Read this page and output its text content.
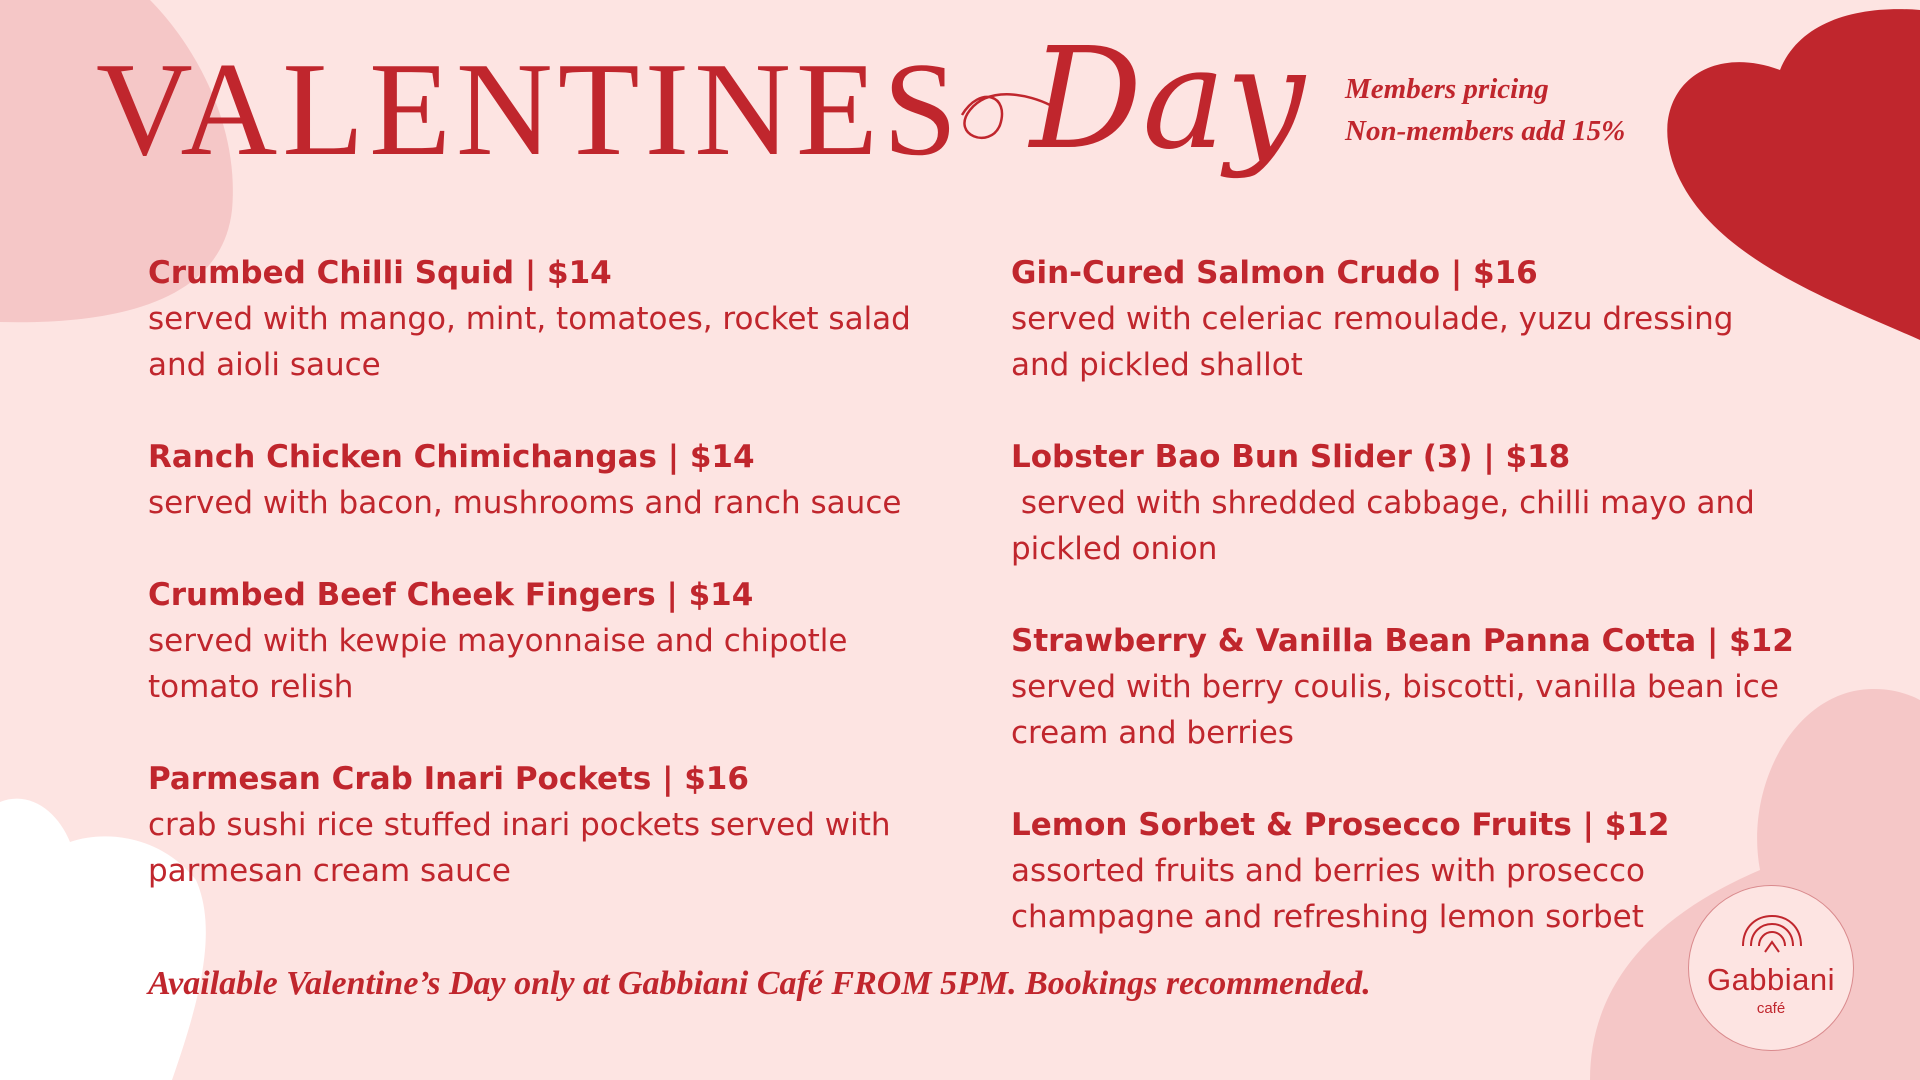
VALENTINES Day Members pricing
Non-members add 15%
Crumbed Chilli Squid | $14
served with mango, mint, tomatoes, rocket salad
and aioli sauce
Ranch Chicken Chimichangas | $14
served with bacon, mushrooms and ranch sauce
Crumbed Beef Cheek Fingers | $14
served with kewpie mayonnaise and chipotle
tomato relish
Parmesan Crab Inari Pockets | $16
crab sushi rice stuffed inari pockets served with
parmesan cream sauce
Gin-Cured Salmon Crudo | $16
served with celeriac remoulade, yuzu dressing
and pickled shallot
Lobster Bao Bun Slider (3) | $18
served with shredded cabbage, chilli mayo and
pickled onion
Strawberry & Vanilla Bean Panna Cotta | $12
served with berry coulis, biscotti, vanilla bean ice
cream and berries
Lemon Sorbet & Prosecco Fruits | $12
assorted fruits and berries with prosecco
champagne and refreshing lemon sorbet
Available Valentine’s Day only at Gabbiani Café FROM 5PM. Bookings recommended.	Gabbiani
café
